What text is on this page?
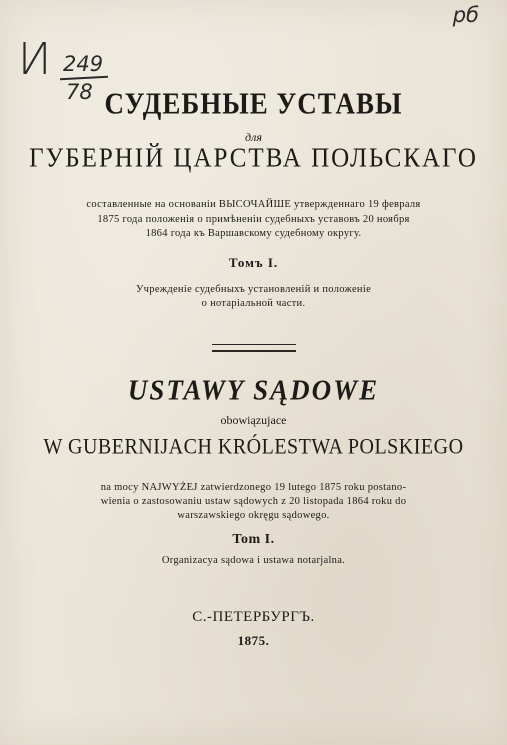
И 249
78
рб
СУДЕБНЫЕ УСТАВЫ
для
ГУБЕРНІЙ ЦАРСТВА ПОЛЬСКАГО
составленные на основаніи ВЫСОЧАЙШЕ утвержденнаго 19 февраля
1875 года положенія о примѣненіи судебныхъ уставовъ 20 ноября
1864 года къ Варшавскому судебному округу.
Томъ I.
Учрежденіе судебныхъ установленій и положеніе
о нотаріальной части.
USTAWY SĄDOWE
obowiązujace
W GUBERNIJACH KRÓLESTWA POLSKIEGO
na mocy NAJWYŻEJ zatwierdzonego 19 lutego 1875 roku postano-
wienia o zastosowaniu ustaw sądowych z 20 listopada 1864 roku do
warszawskiego okręgu sądowego.
Tom I.
Organizacya sądowa i ustawa notarjalna.
С.-ПЕТЕРБУРГЪ.
1875.
